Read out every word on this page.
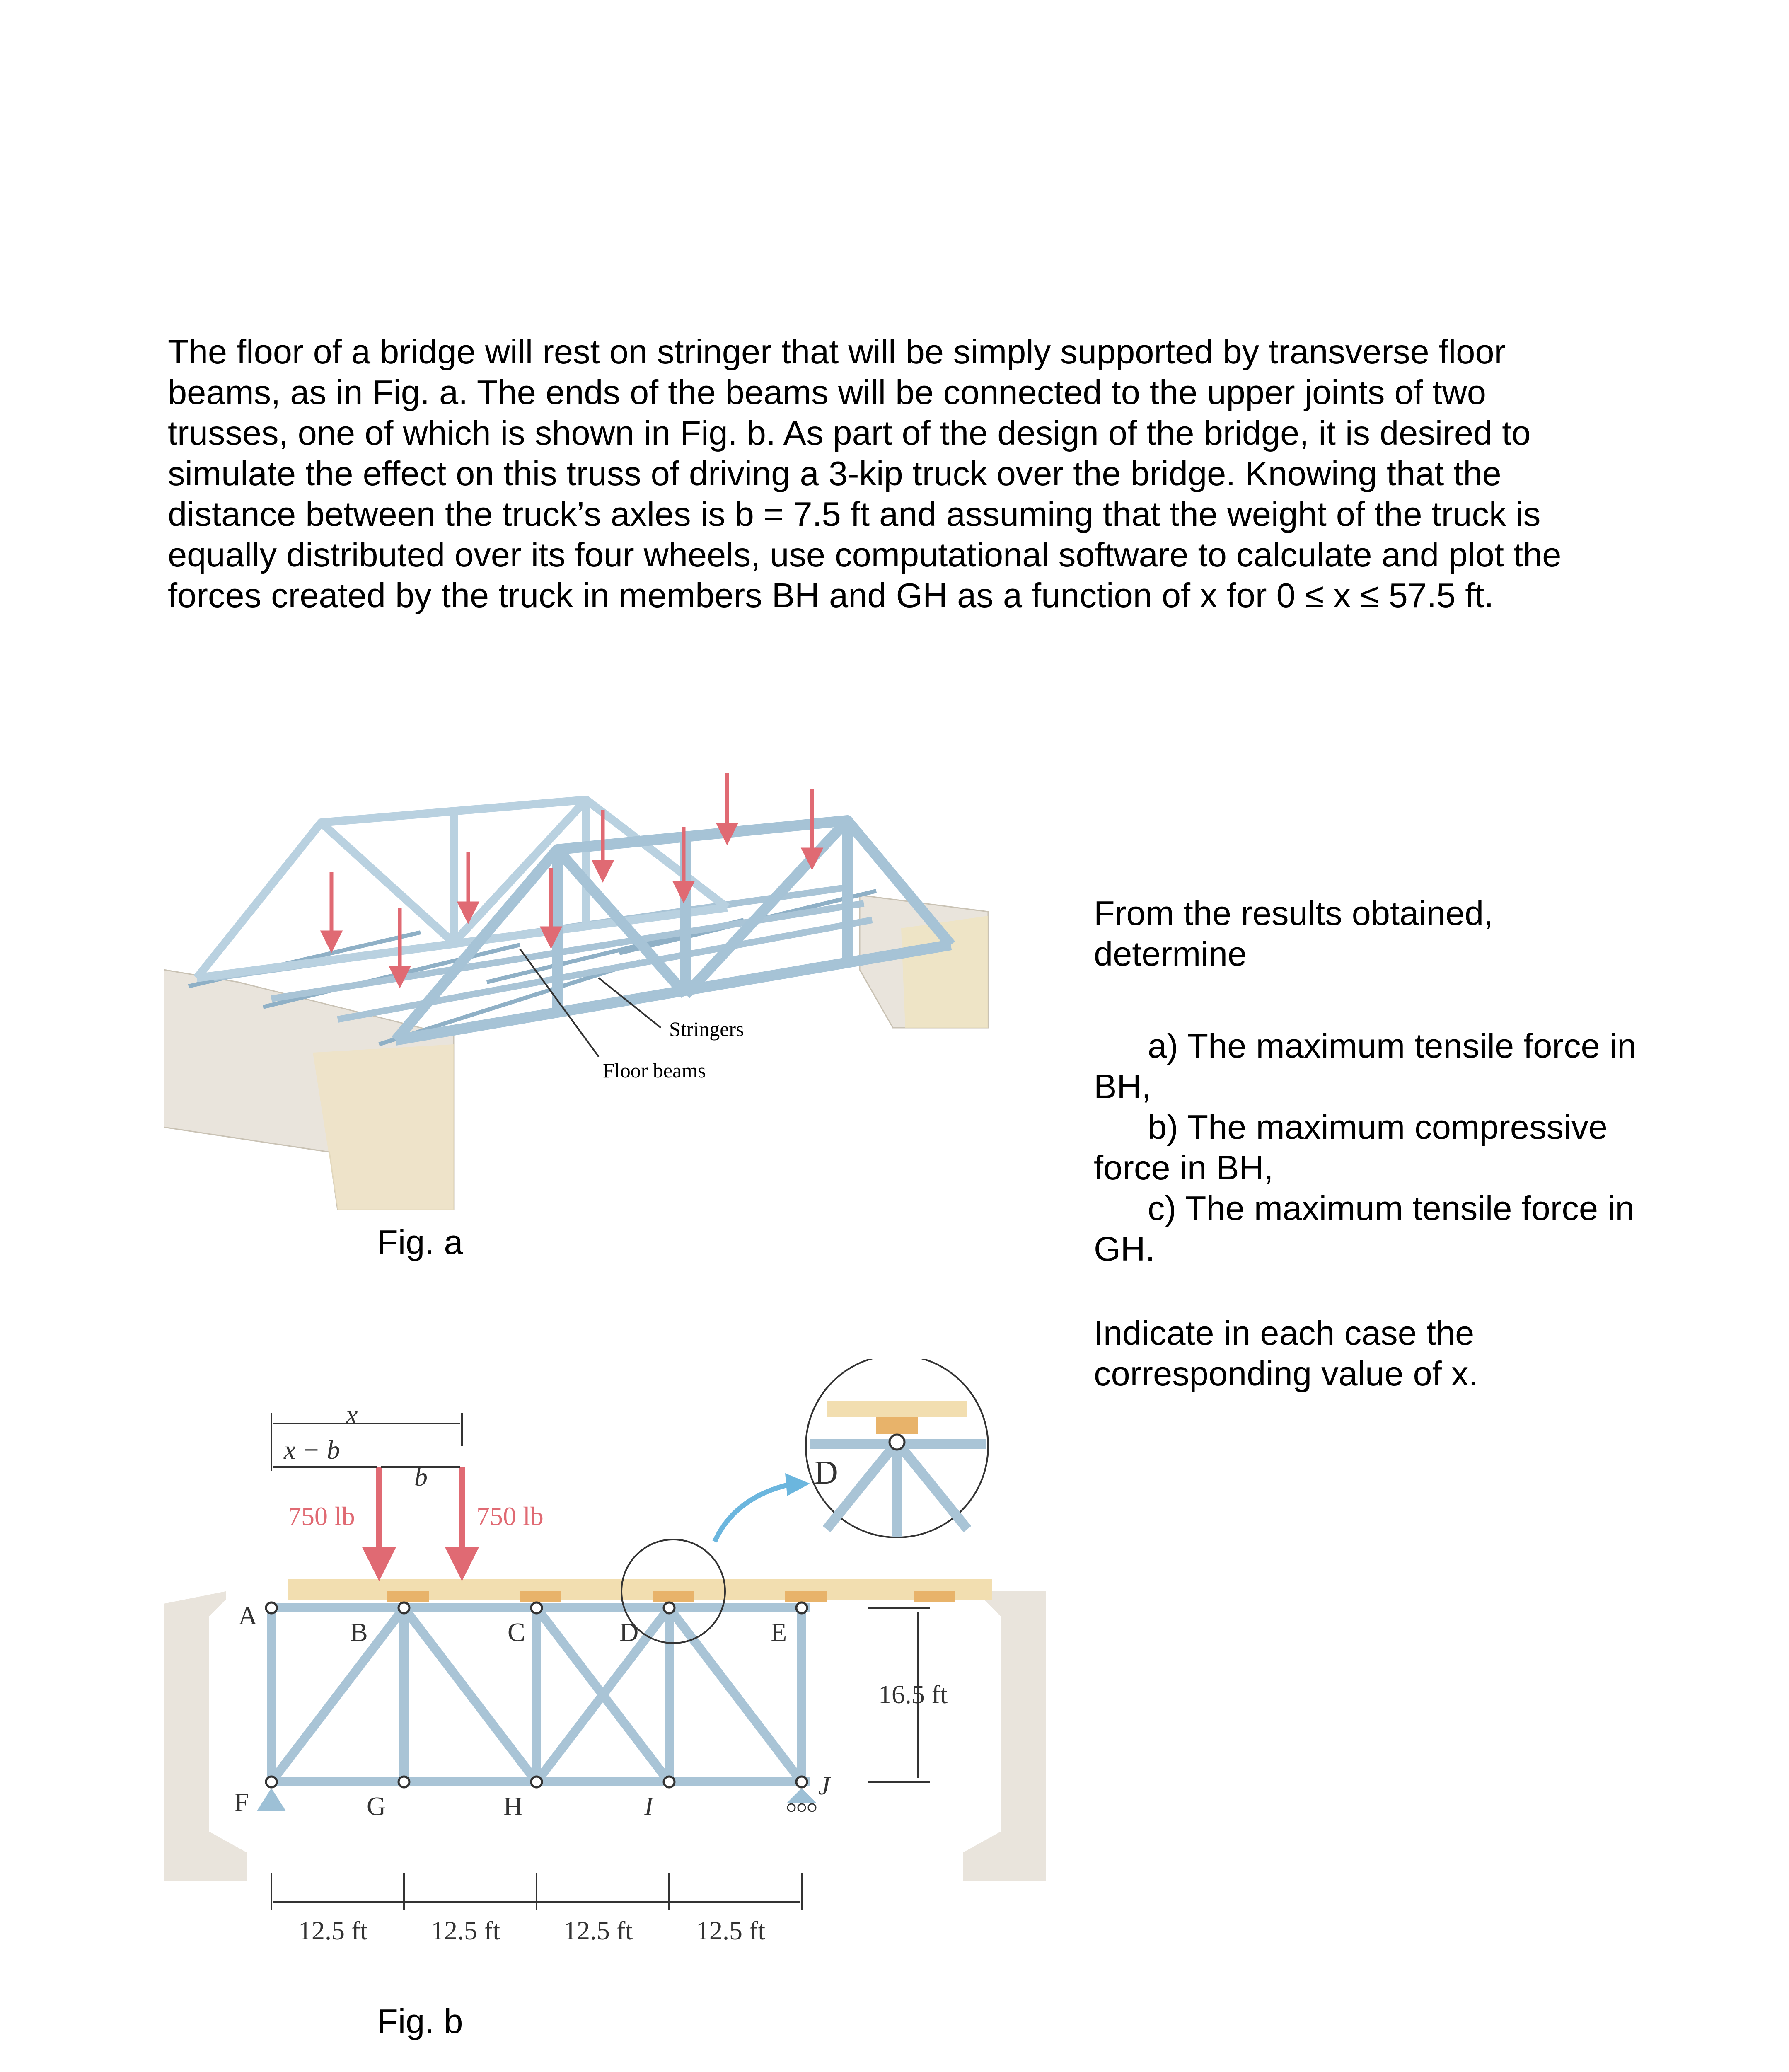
The floor of a bridge will rest on stringer that will be simply supported by transverse floor beams, as in Fig. a. The ends of the beams will be connected to the upper joints of two trusses, one of which is shown in Fig. b. As part of the design of the bridge, it is desired to simulate the effect on this truss of driving a 3-kip truck over the bridge. Knowing that the distance between the truck’s axles is b = 7.5 ft and assuming that the weight of the truck is equally distributed over its four wheels, use computational software to calculate and plot the forces created by the truck in members BH and GH as a function of x for 0 ≤ x ≤ 57.5 ft.

From the results obtained, determine

a) The maximum tensile force in BH,

b) The maximum compressive force in BH,

c) The maximum tensile force in GH.

Indicate in each case the corresponding value of x.

Stringers
Floor beams
Fig. a
x
x − b
b
750 lb	750 lb
A
B	C	D	E
F	G	H	I
J
D
16.5 ft
12.5 ft 12.5 ft 12.5 ft 12.5 ft
Fig. b
